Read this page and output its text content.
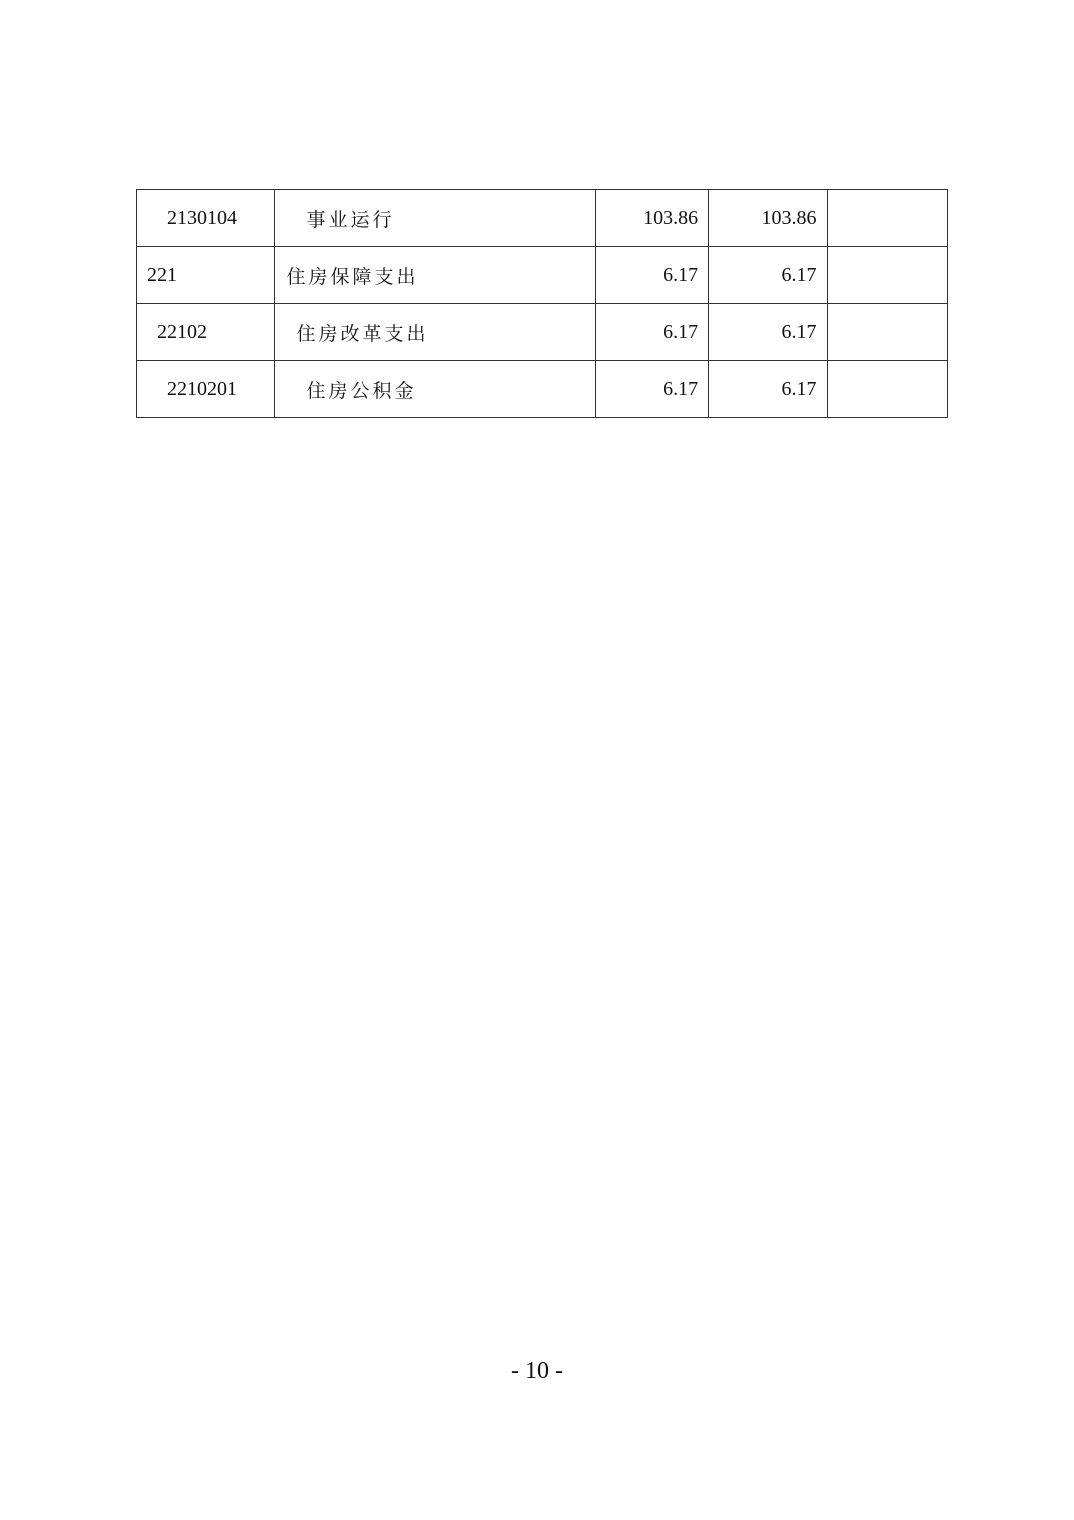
2130104	事业运行	103.86	103.86	
221	住房保障支出	6.17	6.17	
22102	住房改革支出	6.17	6.17	
2210201	住房公积金	6.17	6.17	
- 10 -
